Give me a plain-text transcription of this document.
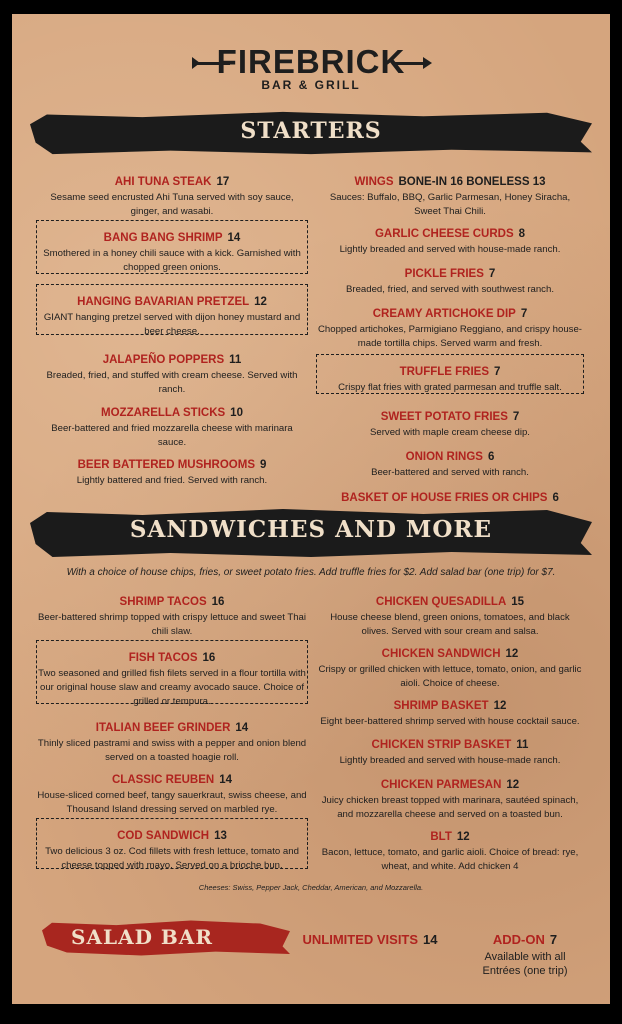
FIREBRICK
BAR & GRILL
STARTERS
AHI TUNA STEAK 17
Sesame seed encrusted Ahi Tuna served with soy sauce, ginger, and wasabi.
BANG BANG SHRIMP 14
Smothered in a honey chili sauce with a kick. Garnished with chopped green onions.
HANGING BAVARIAN PRETZEL 12
GIANT hanging pretzel served with dijon honey mustard and beer cheese.
JALAPEÑO POPPERS 11
Breaded, fried, and stuffed with cream cheese. Served with ranch.
MOZZARELLA STICKS 10
Beer-battered and fried mozzarella cheese with marinara sauce.
BEER BATTERED MUSHROOMS 9
Lightly battered and fried. Served with ranch.
WINGS BONE-IN 16 BONELESS 13
Sauces: Buffalo, BBQ, Garlic Parmesan, Honey Siracha, Sweet Thai Chili.
GARLIC CHEESE CURDS 8
Lightly breaded and served with house-made ranch.
PICKLE FRIES 7
Breaded, fried, and served with southwest ranch.
CREAMY ARTICHOKE DIP 7
Chopped artichokes, Parmigiano Reggiano, and crispy house-made tortilla chips. Served warm and fresh.
TRUFFLE FRIES 7
Crispy flat fries with grated parmesan and truffle salt.
SWEET POTATO FRIES 7
Served with maple cream cheese dip.
ONION RINGS 6
Beer-battered and served with ranch.
BASKET OF HOUSE FRIES OR CHIPS 6
SANDWICHES AND MORE
With a choice of house chips, fries, or sweet potato fries. Add truffle fries for $2. Add salad bar (one trip) for $7.
SHRIMP TACOS 16
Beer-battered shrimp topped with crispy lettuce and sweet Thai chili slaw.
FISH TACOS 16
Two seasoned and grilled fish filets served in a flour tortilla with our original house slaw and creamy avocado sauce. Choice of grilled or tempura.
ITALIAN BEEF GRINDER 14
Thinly sliced pastrami and swiss with a pepper and onion blend served on a toasted hoagie roll.
CLASSIC REUBEN 14
House-sliced corned beef, tangy sauerkraut, swiss cheese, and Thousand Island dressing served on marbled rye.
COD SANDWICH 13
Two delicious 3 oz. Cod fillets with fresh lettuce, tomato and cheese topped with mayo. Served on a brioche bun.
CHICKEN QUESADILLA 15
House cheese blend, green onions, tomatoes, and black olives. Served with sour cream and salsa.
CHICKEN SANDWICH 12
Crispy or grilled chicken with lettuce, tomato, onion, and garlic aioli. Choice of cheese.
SHRIMP BASKET 12
Eight beer-battered shrimp served with house cocktail sauce.
CHICKEN STRIP BASKET 11
Lightly breaded and served with house-made ranch.
CHICKEN PARMESAN 12
Juicy chicken breast topped with marinara, sautéed spinach, and mozzarella cheese and served on a toasted bun.
BLT 12
Bacon, lettuce, tomato, and garlic aioli. Choice of bread: rye, wheat, and white. Add chicken 4
Cheeses: Swiss, Pepper Jack, Cheddar, American, and Mozzarella.
SALAD BAR	UNLIMITED VISITS 14	ADD-ON 7
Available with all Entrées (one trip)
